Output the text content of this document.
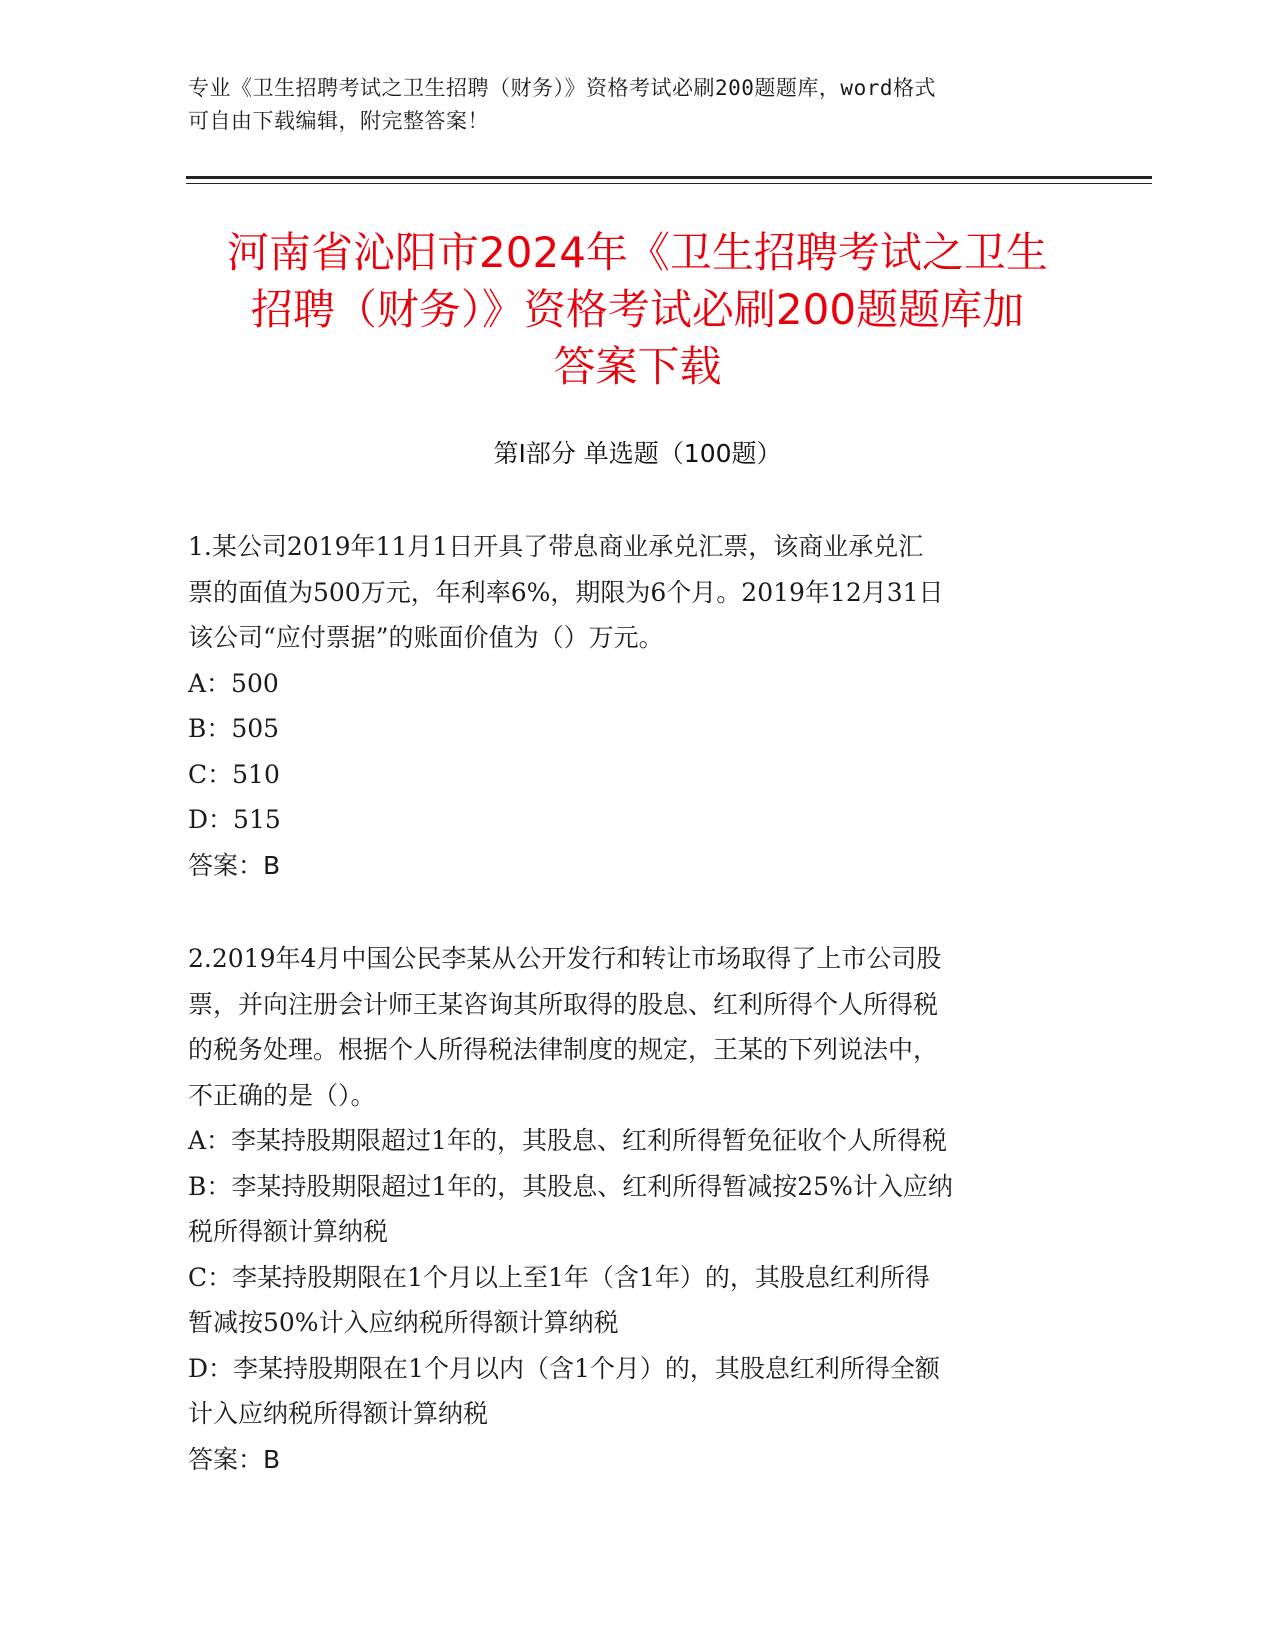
专业《卫生招聘考试之卫生招聘（财务）》资格考试必刷200题题库，word格式
可自由下载编辑，附完整答案！
河南省沁阳市2024年《卫生招聘考试之卫生
招聘（财务）》资格考试必刷200题题库加
答案下载
第I部分 单选题（100题）
1.某公司2019年11月1日开具了带息商业承兑汇票，该商业承兑汇
票的面值为500万元，年利率6%，期限为6个月。2019年12月31日
该公司“应付票据”的账面价值为（）万元。
A：500
B：505
C：510
D：515
答案：B
2.2019年4月中国公民李某从公开发行和转让市场取得了上市公司股
票，并向注册会计师王某咨询其所取得的股息、红利所得个人所得税
的税务处理。根据个人所得税法律制度的规定，王某的下列说法中，
不正确的是（）。
A：李某持股期限超过1年的，其股息、红利所得暂免征收个人所得税
B：李某持股期限超过1年的，其股息、红利所得暂减按25%计入应纳
税所得额计算纳税
C：李某持股期限在1个月以上至1年（含1年）的，其股息红利所得
暂减按50%计入应纳税所得额计算纳税
D：李某持股期限在1个月以内（含1个月）的，其股息红利所得全额
计入应纳税所得额计算纳税
答案：B
